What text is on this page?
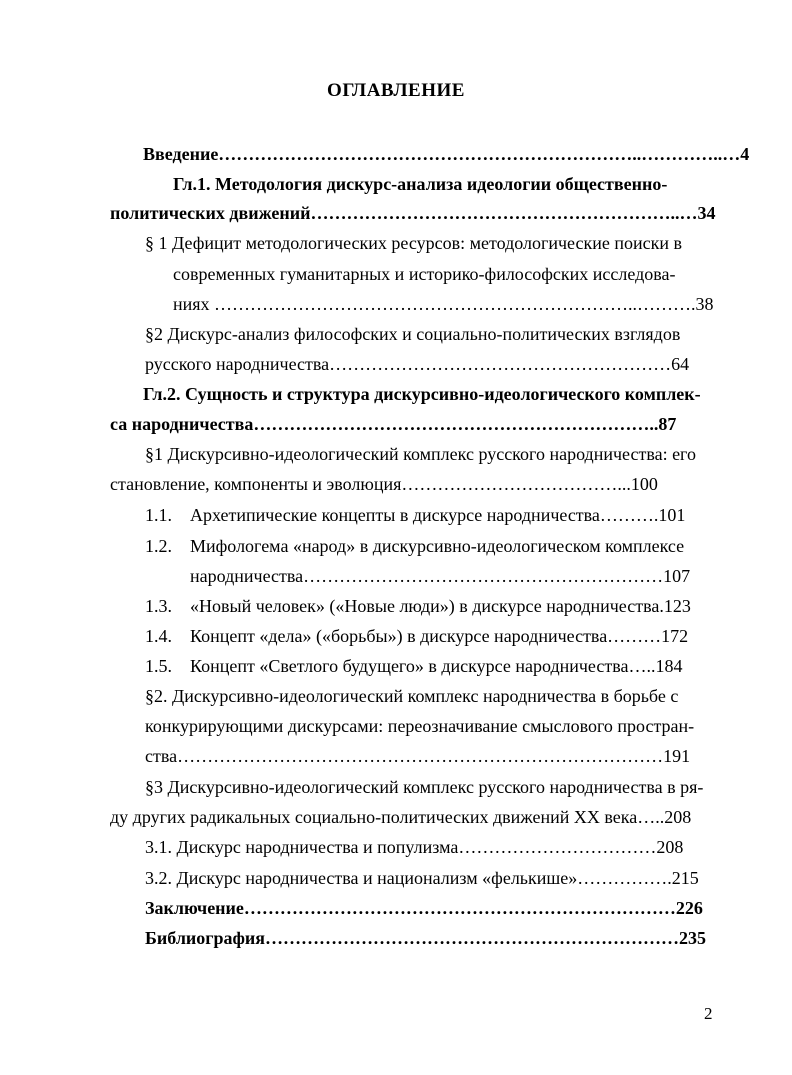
ОГЛАВЛЕНИЕ
Введение……………………………………………………………..…………..…4
Гл.1. Методология дискурс-анализа идеологии общественно-
политических движений……………………………………………………..…34
§ 1 Дефицит методологических ресурсов: методологические поиски в
современных гуманитарных и историко-философских исследова-
ниях ……………………………………………………………..……….38
§2 Дискурс-анализ философских и социально-политических взглядов
русского народничества…………………………………………………64
Гл.2. Сущность и структура дискурсивно-идеологического комплек-
са народничества…………………………………………………………..87
§1 Дискурсивно-идеологический комплекс русского народничества: его
становление, компоненты и эволюция………………………………...100
1.1. Архетипические концепты в дискурсе народничества……….101
1.2. Мифологема «народ» в дискурсивно-идеологическом комплексе
народничества……………………………………………………107
1.3. «Новый человек» («Новые люди») в дискурсе народничества.123
1.4. Концепт «дела» («борьбы») в дискурсе народничества………172
1.5. Концепт «Светлого будущего» в дискурсе народничества…..184
§2. Дискурсивно-идеологический комплекс народничества в борьбе с
конкурирующими дискурсами: переозначивание смыслового простран-
ства………………………………………………………………………191
§3 Дискурсивно-идеологический комплекс русского народничества в ря-
ду других радикальных социально-политических движений XX века…..208
3.1. Дискурс народничества и популизма……………………………208
3.2. Дискурс народничества и национализм «фелькише»…………….215
Заключение………………………………………………………………226
Библиография……………………………………………………………235
2
